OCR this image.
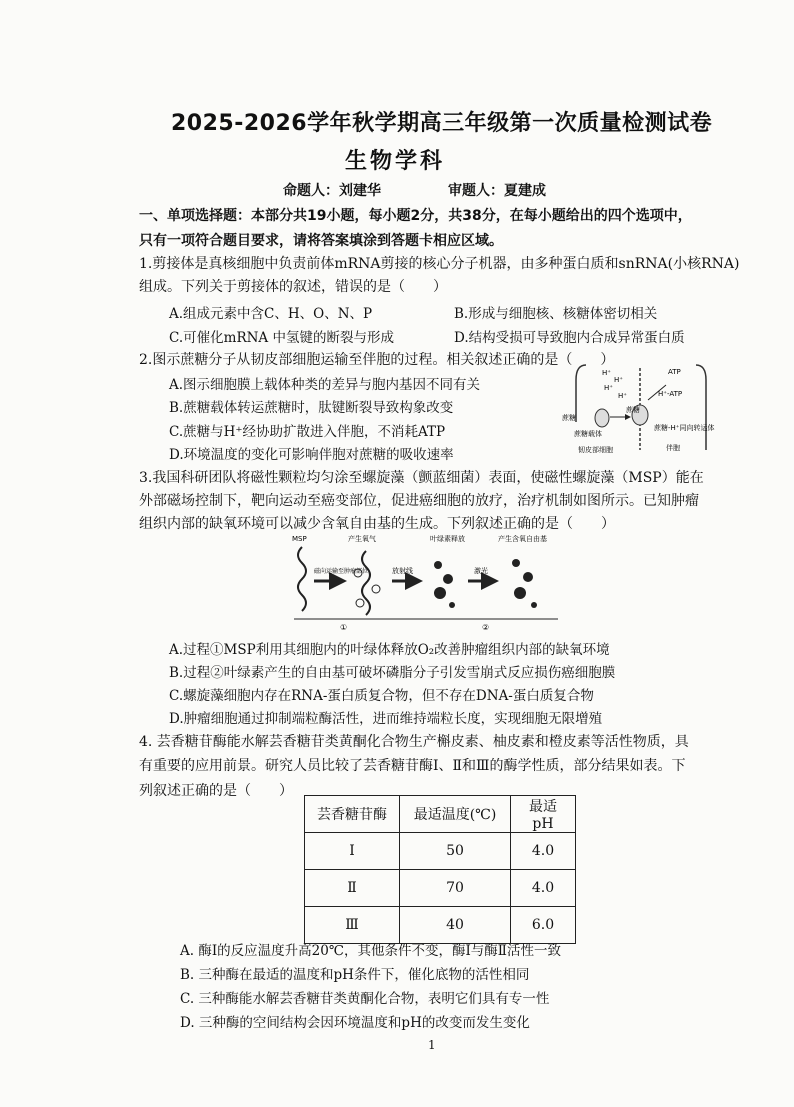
2025-2026学年秋学期高三年级第一次质量检测试卷
生物学科
命题人：刘建华	审题人：夏建成
一、单项选择题：本部分共19小题，每小题2分，共38分，在每小题给出的四个选项中，
只有一项符合题目要求，请将答案填涂到答题卡相应区域。
1.剪接体是真核细胞中负责前体mRNA剪接的核心分子机器，由多种蛋白质和snRNA(小核RNA)
组成。下列关于剪接体的叙述，错误的是（　　）
A.组成元素中含C、H、O、N、P	B.形成与细胞核、核糖体密切相关
C.可催化mRNA 中氢键的断裂与形成	D.结构受损可导致胞内合成异常蛋白质
2.图示蔗糖分子从韧皮部细胞运输至伴胞的过程。相关叙述正确的是（　　）
A.图示细胞膜上载体种类的差异与胞内基因不同有关
B.蔗糖载体转运蔗糖时，肽键断裂导致构象改变
C.蔗糖与H⁺经协助扩散进入伴胞，不消耗ATP
D.环境温度的变化可影响伴胞对蔗糖的吸收速率
H⁺
H⁺
H⁺
H⁺
ATP
H⁺-ATP
蔗糖
蔗糖
蔗糖载体
蔗糖-H⁺同向转运体
韧皮部细胞	伴胞
3.我国科研团队将磁性颗粒均匀涂至螺旋藻（颤蓝细菌）表面，使磁性螺旋藻（MSP）能在
外部磁场控制下，靶向运动至癌变部位，促进癌细胞的放疗，治疗机制如图所示。已知肿瘤
组织内部的缺氧环境可以减少含氧自由基的生成。下列叙述正确的是（　　）
MSP	产生氧气
磁向运输至肿瘤部位	放射线
叶绿素释放
激光
产生含氧自由基
①	②
A.过程①MSP利用其细胞内的叶绿体释放O₂改善肿瘤组织内部的缺氧环境
B.过程②叶绿素产生的自由基可破坏磷脂分子引发雪崩式反应损伤癌细胞膜
C.螺旋藻细胞内存在RNA-蛋白质复合物，但不存在DNA-蛋白质复合物
D.肿瘤细胞通过抑制端粒酶活性，进而维持端粒长度，实现细胞无限增殖
4. 芸香糖苷酶能水解芸香糖苷类黄酮化合物生产槲皮素、柚皮素和橙皮素等活性物质，具
有重要的应用前景。研究人员比较了芸香糖苷酶Ⅰ、Ⅱ和Ⅲ的酶学性质，部分结果如表。下
列叙述正确的是（　　）
芸香糖苷酶	最适温度(℃)	最适 pH
Ⅰ	50	4.0
Ⅱ	70	4.0
Ⅲ	40	6.0
A. 酶Ⅰ的反应温度升高20℃，其他条件不变，酶Ⅰ与酶Ⅱ活性一致
B. 三种酶在最适的温度和pH条件下，催化底物的活性相同
C. 三种酶能水解芸香糖苷类黄酮化合物，表明它们具有专一性
D. 三种酶的空间结构会因环境温度和pH的改变而发生变化
1
